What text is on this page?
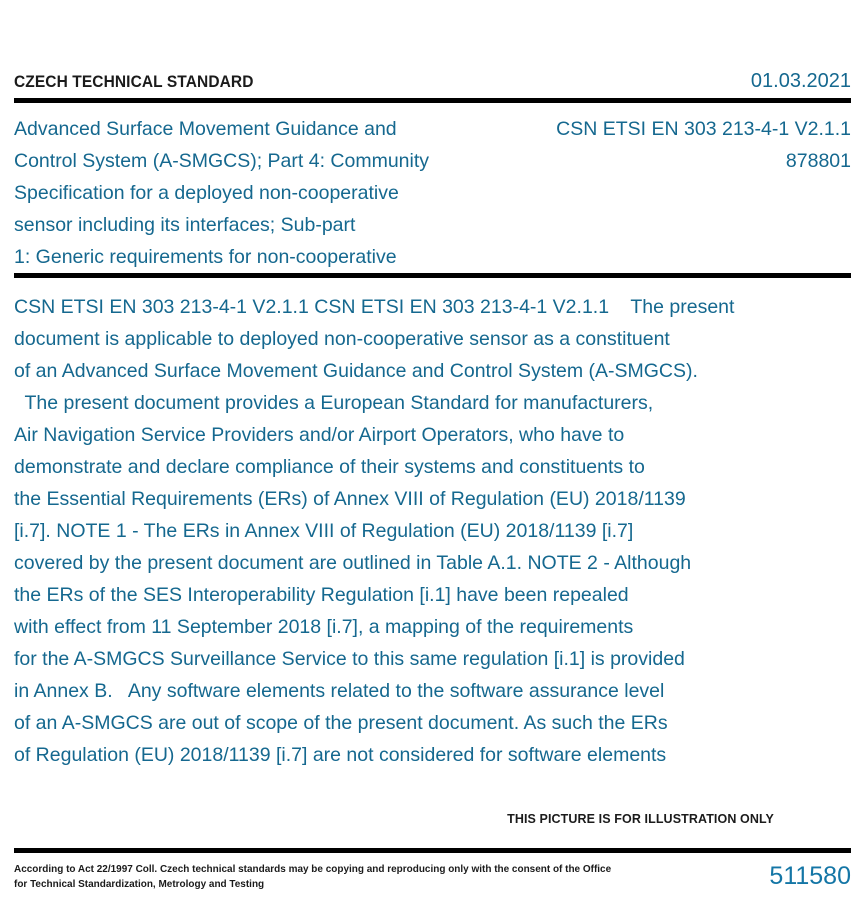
CZECH TECHNICAL STANDARD	01.03.2021
Advanced Surface Movement Guidance and
Control System (A-SMGCS); Part 4: Community
Specification for a deployed non-cooperative
sensor including its interfaces; Sub-part
1: Generic requirements for non-cooperative
CSN ETSI EN 303 213-4-1 V2.1.1
878801
CSN ETSI EN 303 213-4-1 V2.1.1 CSN ETSI EN 303 213-4-1 V2.1.1    The present
document is applicable to deployed non-cooperative sensor as a constituent
of an Advanced Surface Movement Guidance and Control System (A-SMGCS).
The present document provides a European Standard for manufacturers,
Air Navigation Service Providers and/or Airport Operators, who have to
demonstrate and declare compliance of their systems and constituents to
the Essential Requirements (ERs) of Annex VIII of Regulation (EU) 2018/1139
[i.7]. NOTE 1 - The ERs in Annex VIII of Regulation (EU) 2018/1139 [i.7]
covered by the present document are outlined in Table A.1. NOTE 2 - Although
the ERs of the SES Interoperability Regulation [i.1] have been repealed
with effect from 11 September 2018 [i.7], a mapping of the requirements
for the A-SMGCS Surveillance Service to this same regulation [i.1] is provided
in Annex B.   Any software elements related to the software assurance level
of an A-SMGCS are out of scope of the present document. As such the ERs
of Regulation (EU) 2018/1139 [i.7] are not considered for software elements
THIS PICTURE IS FOR ILLUSTRATION ONLY
According to Act 22/1997 Coll. Czech technical standards may be copying and reproducing only with the consent of the Office
for Technical Standardization, Metrology and Testing	511580
